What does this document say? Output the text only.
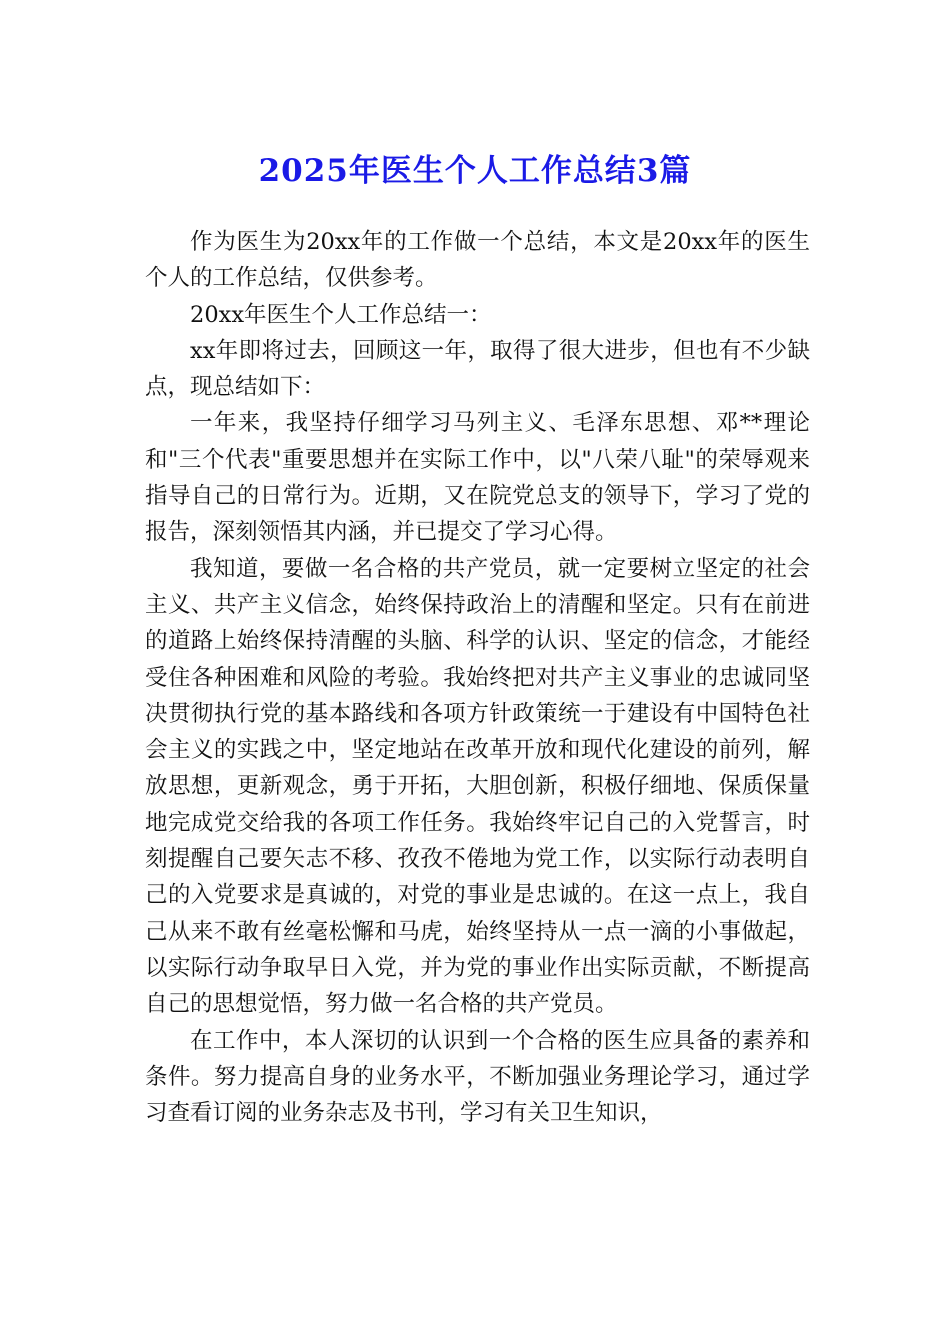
2025年医生个人工作总结3篇

作为医生为20xx年的工作做一个总结，本文是20xx年的医生个人的工作总结，仅供参考。

20xx年医生个人工作总结一：

xx年即将过去，回顾这一年，取得了很大进步，但也有不少缺点，现总结如下：

一年来，我坚持仔细学习马列主义、毛泽东思想、邓**理论和"三个代表"重要思想并在实际工作中，以"八荣八耻"的荣辱观来指导自己的日常行为。近期，又在院党总支的领导下，学习了党的报告，深刻领悟其内涵，并已提交了学习心得。

我知道，要做一名合格的共产党员，就一定要树立坚定的社会主义、共产主义信念，始终保持政治上的清醒和坚定。只有在前进的道路上始终保持清醒的头脑、科学的认识、坚定的信念，才能经受住各种困难和风险的考验。我始终把对共产主义事业的忠诚同坚决贯彻执行党的基本路线和各项方针政策统一于建设有中国特色社会主义的实践之中，坚定地站在改革开放和现代化建设的前列，解放思想，更新观念，勇于开拓，大胆创新，积极仔细地、保质保量地完成党交给我的各项工作任务。我始终牢记自己的入党誓言，时刻提醒自己要矢志不移、孜孜不倦地为党工作，以实际行动表明自己的入党要求是真诚的，对党的事业是忠诚的。在这一点上，我自己从来不敢有丝毫松懈和马虎，始终坚持从一点一滴的小事做起，以实际行动争取早日入党，并为党的事业作出实际贡献，不断提高自己的思想觉悟，努力做一名合格的共产党员。

在工作中，本人深切的认识到一个合格的医生应具备的素养和条件。努力提高自身的业务水平，不断加强业务理论学习，通过学习查看订阅的业务杂志及书刊，学习有关卫生知识，
